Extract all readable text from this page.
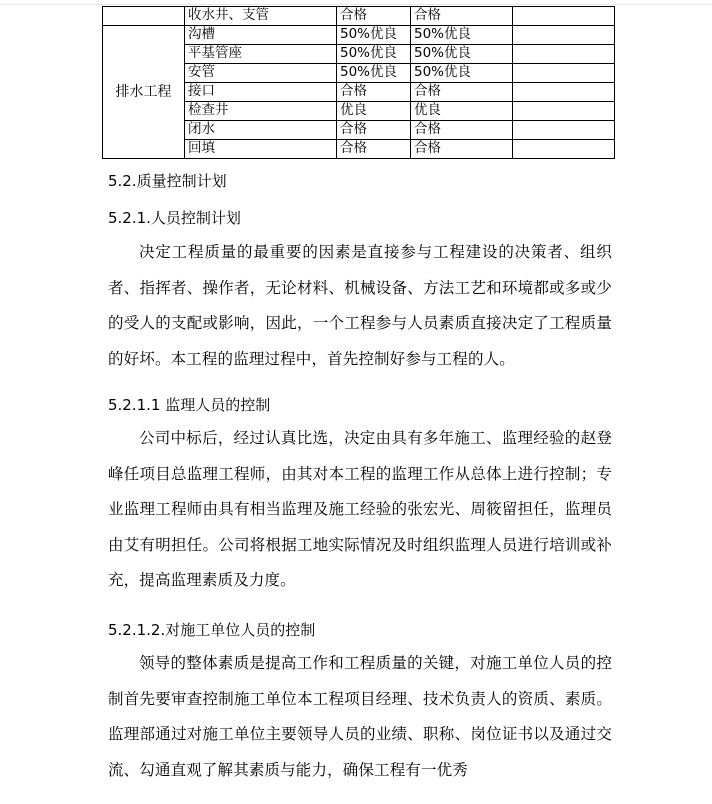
	收水井、支管	合格	合格	
排水工程	沟槽	50%优良	50%优良	
	平基管座	50%优良	50%优良	
	安管	50%优良	50%优良	
	接口	合格	合格	
	检查井	优良	优良	
	闭水	合格	合格	
	回填	合格	合格	
5.2.质量控制计划
5.2.1.人员控制计划

决定工程质量的最重要的因素是直接参与工程建设的决策者、组织者、指挥者、操作者，无论材料、机械设备、方法工艺和环境都或多或少的受人的支配或影响，因此，一个工程参与人员素质直接决定了工程质量的好坏。本工程的监理过程中，首先控制好参与工程的人。

5.2.1.1 监理人员的控制

公司中标后，经过认真比选，决定由具有多年施工、监理经验的赵登峰任项目总监理工程师，由其对本工程的监理工作从总体上进行控制；专业监理工程师由具有相当监理及施工经验的张宏光、周筱留担任，监理员由艾有明担任。公司将根据工地实际情况及时组织监理人员进行培训或补充，提高监理素质及力度。

5.2.1.2.对施工单位人员的控制

领导的整体素质是提高工作和工程质量的关键，对施工单位人员的控制首先要审查控制施工单位本工程项目经理、技术负责人的资质、素质。监理部通过对施工单位主要领导人员的业绩、职称、岗位证书以及通过交流、勾通直观了解其素质与能力，确保工程有一优秀
